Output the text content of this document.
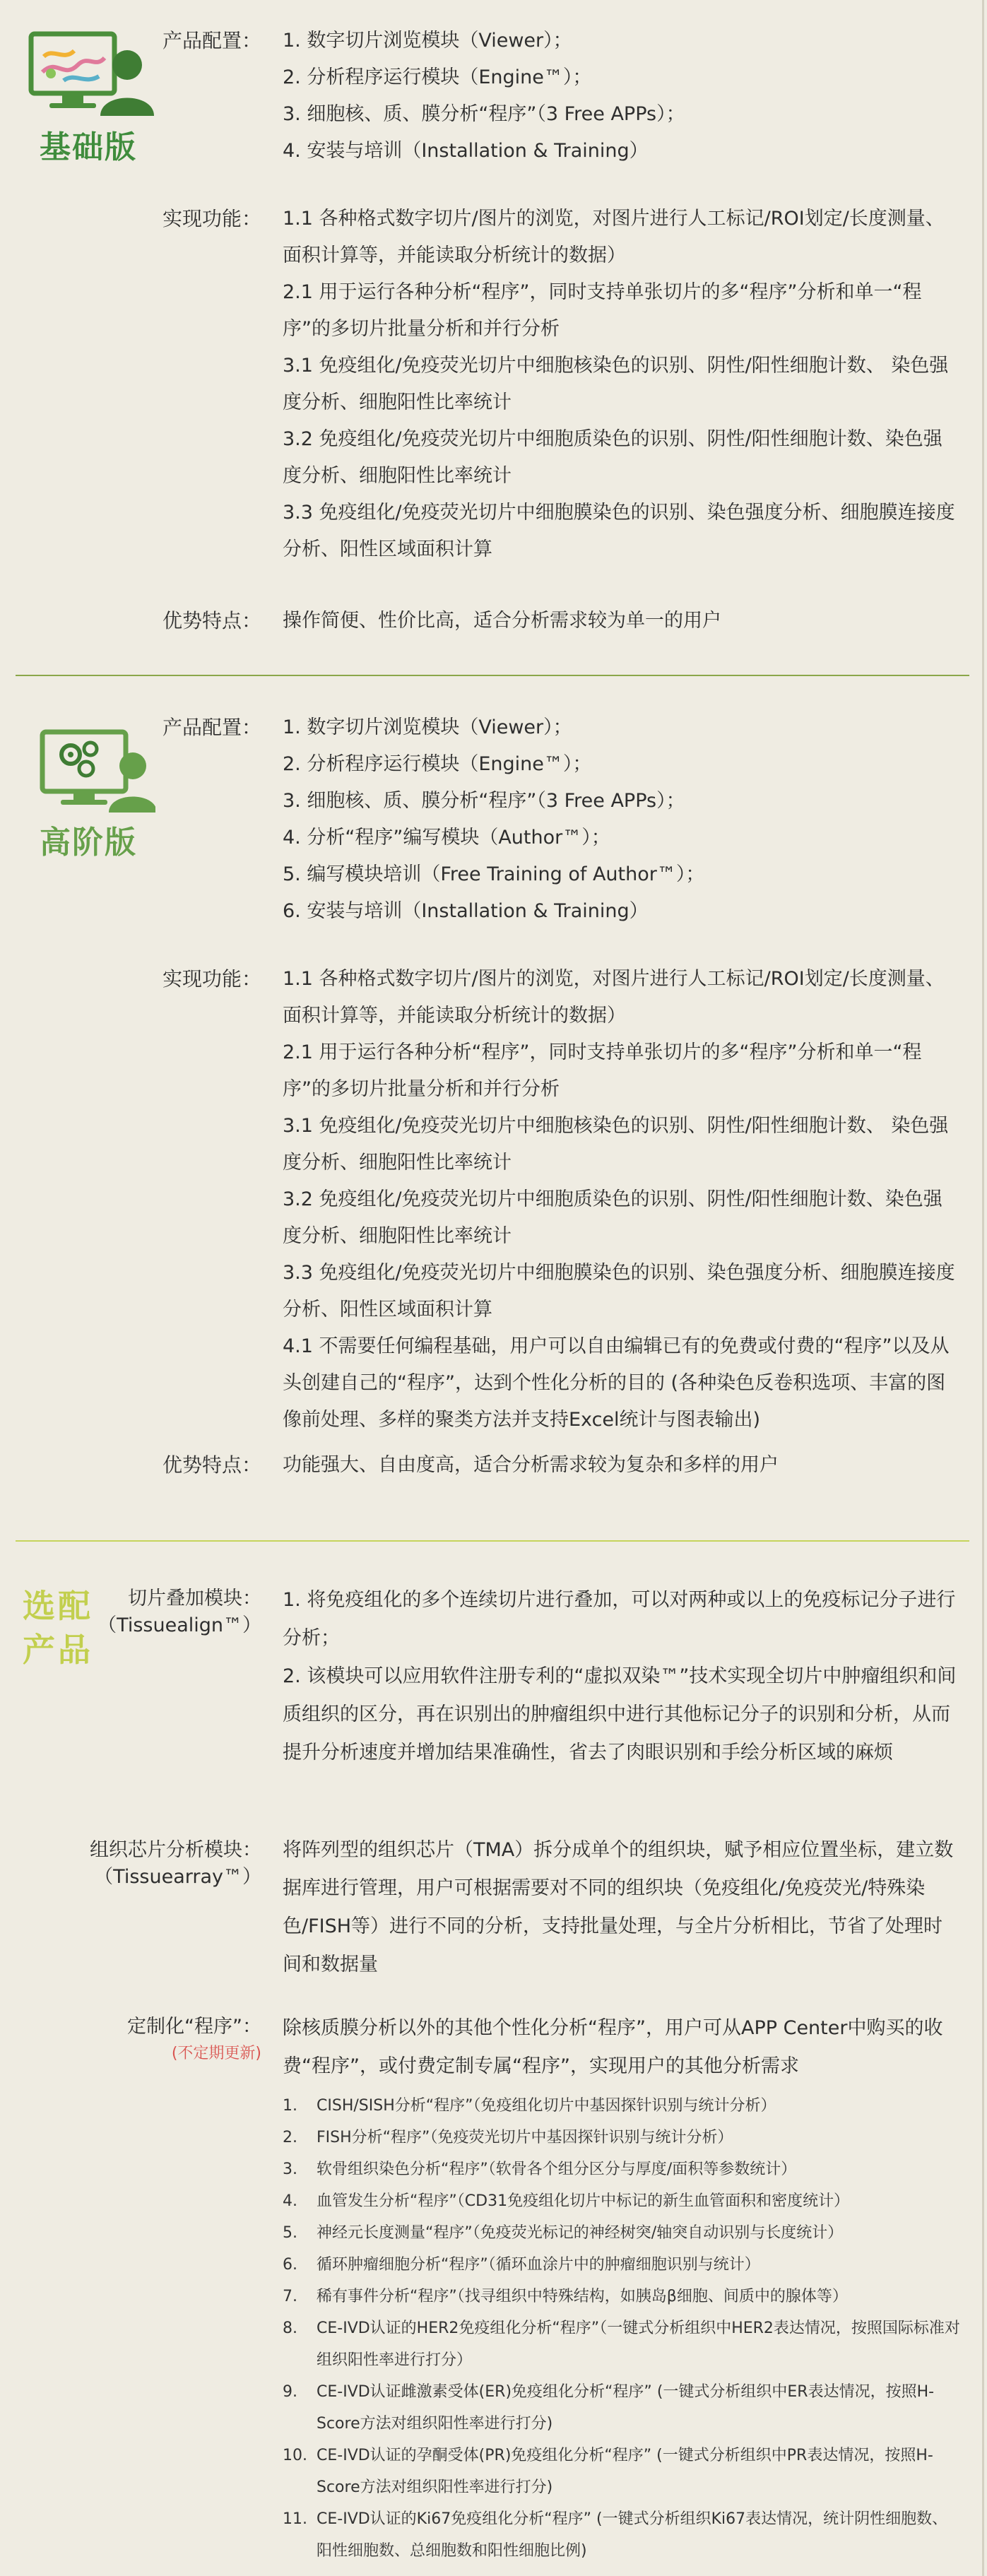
基础版
产品配置： 1. 数字切片浏览模块（Viewer）；
2. 分析程序运行模块（Engine™）；
3. 细胞核、质、膜分析“程序”（3 Free APPs）；
4. 安装与培训（Installation & Training）
实现功能： 1.1 各种格式数字切片/图片的浏览，对图片进行人工标记/ROI划定/长度测量、面积计算等，并能读取分析统计的数据）
2.1 用于运行各种分析“程序”，同时支持单张切片的多“程序”分析和单一“程序”的多切片批量分析和并行分析
3.1 免疫组化/免疫荧光切片中细胞核染色的识别、阴性/阳性细胞计数、 染色强度分析、细胞阳性比率统计
3.2 免疫组化/免疫荧光切片中细胞质染色的识别、阴性/阳性细胞计数、染色强度分析、细胞阳性比率统计
3.3 免疫组化/免疫荧光切片中细胞膜染色的识别、染色强度分析、细胞膜连接度分析、阳性区域面积计算
优势特点： 操作简便、性价比高，适合分析需求较为单一的用户
高阶版
产品配置： 1. 数字切片浏览模块（Viewer）；
2. 分析程序运行模块（Engine™）；
3. 细胞核、质、膜分析“程序”（3 Free APPs）；
4. 分析“程序”编写模块（Author™）；
5. 编写模块培训（Free Training of Author™）；
6. 安装与培训（Installation & Training）
实现功能： 1.1 各种格式数字切片/图片的浏览，对图片进行人工标记/ROI划定/长度测量、面积计算等，并能读取分析统计的数据）
2.1 用于运行各种分析“程序”，同时支持单张切片的多“程序”分析和单一“程序”的多切片批量分析和并行分析
3.1 免疫组化/免疫荧光切片中细胞核染色的识别、阴性/阳性细胞计数、 染色强度分析、细胞阳性比率统计
3.2 免疫组化/免疫荧光切片中细胞质染色的识别、阴性/阳性细胞计数、染色强度分析、细胞阳性比率统计
3.3 免疫组化/免疫荧光切片中细胞膜染色的识别、染色强度分析、细胞膜连接度分析、阳性区域面积计算
4.1 不需要任何编程基础，用户可以自由编辑已有的免费或付费的“程序”以及从头创建自己的“程序”，达到个性化分析的目的 (各种染色反卷积选项、丰富的图像前处理、多样的聚类方法并支持Excel统计与图表输出)
优势特点： 功能强大、自由度高，适合分析需求较为复杂和多样的用户
选配
产品
切片叠加模块：
（Tissuealign™）
1. 将免疫组化的多个连续切片进行叠加，可以对两种或以上的免疫标记分子进行分析；
2. 该模块可以应用软件注册专利的“虚拟双染™”技术实现全切片中肿瘤组织和间质组织的区分，再在识别出的肿瘤组织中进行其他标记分子的识别和分析，从而提升分析速度并增加结果准确性，省去了肉眼识别和手绘分析区域的麻烦
组织芯片分析模块：
（Tissuearray™）
将阵列型的组织芯片（TMA）拆分成单个的组织块，赋予相应位置坐标，建立数据库进行管理，用户可根据需要对不同的组织块（免疫组化/免疫荧光/特殊染色/FISH等）进行不同的分析，支持批量处理，与全片分析相比，节省了处理时间和数据量
定制化“程序”：
(不定期更新)
除核质膜分析以外的其他个性化分析“程序”，用户可从APP Center中购买的收费“程序”，或付费定制专属“程序”，实现用户的其他分析需求
1.	CISH/SISH分析“程序”（免疫组化切片中基因探针识别与统计分析）
2.	FISH分析“程序”（免疫荧光切片中基因探针识别与统计分析）
3.	软骨组织染色分析“程序”（软骨各个组分区分与厚度/面积等参数统计）
4.	血管发生分析“程序”（CD31免疫组化切片中标记的新生血管面积和密度统计）
5.	神经元长度测量“程序”（免疫荧光标记的神经树突/轴突自动识别与长度统计）
6.	循环肿瘤细胞分析“程序”（循环血涂片中的肿瘤细胞识别与统计）
7.	稀有事件分析“程序”（找寻组织中特殊结构，如胰岛β细胞、间质中的腺体等）
8.	CE-IVD认证的HER2免疫组化分析“程序”（一键式分析组织中HER2表达情况，按照国际标准对组织阳性率进行打分）
9.	CE-IVD认证雌激素受体(ER)免疫组化分析“程序” (一键式分析组织中ER表达情况，按照H-Score方法对组织阳性率进行打分)
10. CE-IVD认证的孕酮受体(PR)免疫组化分析“程序” (一键式分析组织中PR表达情况，按照H-Score方法对组织阳性率进行打分)
11. CE-IVD认证的Ki67免疫组化分析“程序” (一键式分析组织Ki67表达情况，统计阴性细胞数、阳性细胞数、总细胞数和阳性细胞比例)
